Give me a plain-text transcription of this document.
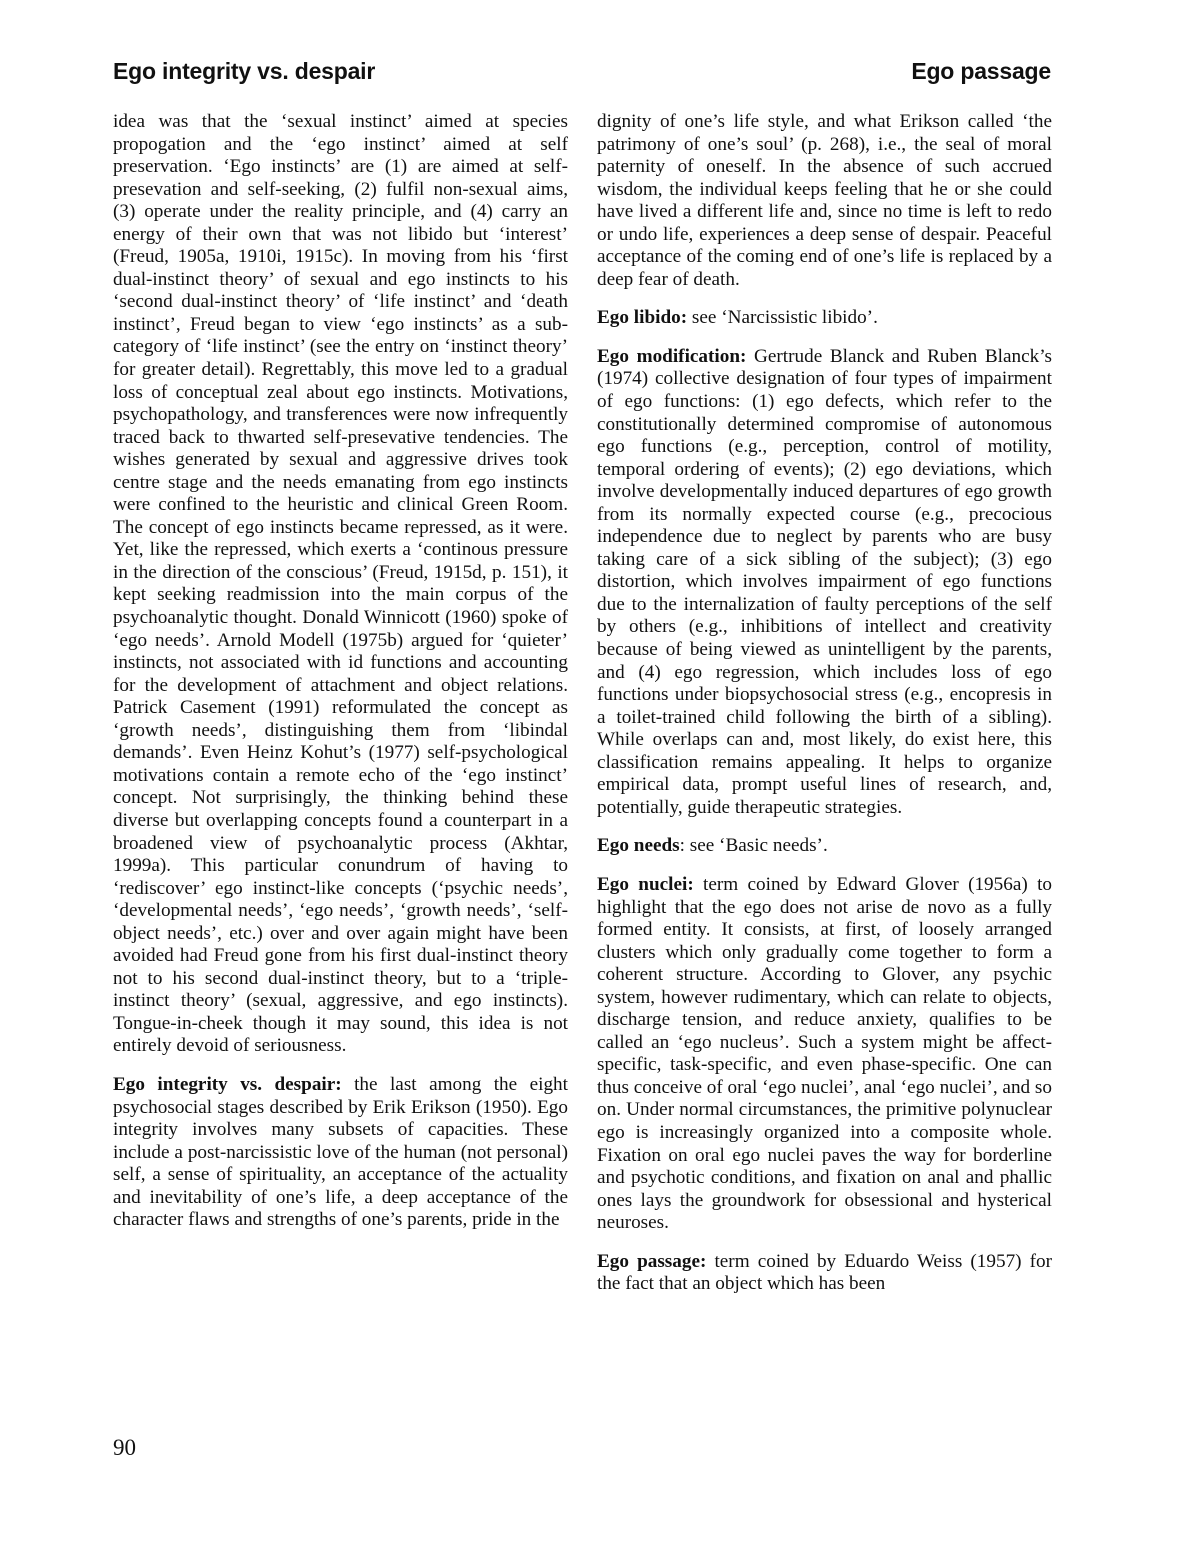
Ego integrity vs. despair	Ego passage

idea was that the ‘sexual instinct’ aimed at species propogation and the ‘ego instinct’ aimed at self preservation. ‘Ego instincts’ are (1) are aimed at self-presevation and self-seeking, (2) fulfil non-sexual aims, (3) operate under the reality principle, and (4) carry an energy of their own that was not libido but ‘interest’ (Freud, 1905a, 1910i, 1915c). In moving from his ‘first dual-instinct theory’ of sexual and ego instincts to his ‘second dual-instinct theory’ of ‘life instinct’ and ‘death instinct’, Freud began to view ‘ego instincts’ as a sub-category of ‘life instinct’ (see the entry on ‘instinct theory’ for greater detail). Regrettably, this move led to a gradual loss of conceptual zeal about ego instincts. Motivations, psychopathology, and transferences were now infrequently traced back to thwarted self-presevative tendencies. The wishes generated by sexual and aggressive drives took centre stage and the needs emanating from ego instincts were confined to the heuristic and clinical Green Room. The concept of ego instincts became repressed, as it were. Yet, like the repressed, which exerts a ‘continous pressure in the direction of the conscious’ (Freud, 1915d, p. 151), it kept seeking readmission into the main corpus of the psychoanalytic thought. Donald Winnicott (1960) spoke of ‘ego needs’. Arnold Modell (1975b) argued for ‘quieter’ instincts, not associated with id functions and accounting for the development of attachment and object relations. Patrick Casement (1991) reformulated the concept as ‘growth needs’, distinguishing them from ‘libindal demands’. Even Heinz Kohut’s (1977) self-psychological motivations contain a remote echo of the ‘ego instinct’ concept. Not surprisingly, the thinking behind these diverse but overlapping concepts found a counterpart in a broadened view of psychoanalytic process (Akhtar, 1999a). This particular conundrum of having to ‘rediscover’ ego instinct-like concepts (‘psychic needs’, ‘developmental needs’, ‘ego needs’, ‘growth needs’, ‘self-object needs’, etc.) over and over again might have been avoided had Freud gone from his first dual-instinct theory not to his second dual-instinct theory, but to a ‘triple-instinct theory’ (sexual, aggressive, and ego instincts). Tongue-in-cheek though it may sound, this idea is not entirely devoid of seriousness.

Ego integrity vs. despair: the last among the eight psychosocial stages described by Erik Erikson (1950). Ego integrity involves many subsets of capacities. These include a post-narcissistic love of the human (not personal) self, a sense of spirituality, an acceptance of the actuality and inevitability of one’s life, a deep acceptance of the character flaws and strengths of one’s parents, pride in the

dignity of one’s life style, and what Erikson called ‘the patrimony of one’s soul’ (p. 268), i.e., the seal of moral paternity of oneself. In the absence of such accrued wisdom, the individual keeps feeling that he or she could have lived a different life and, since no time is left to redo or undo life, experiences a deep sense of despair. Peaceful acceptance of the coming end of one’s life is replaced by a deep fear of death.

Ego libido: see ‘Narcissistic libido’.

Ego modification: Gertrude Blanck and Ruben Blanck’s (1974) collective designation of four types of impairment of ego functions: (1) ego defects, which refer to the constitutionally determined compromise of autonomous ego functions (e.g., perception, control of motility, temporal ordering of events); (2) ego deviations, which involve developmentally induced departures of ego growth from its normally expected course (e.g., precocious independence due to neglect by parents who are busy taking care of a sick sibling of the subject); (3) ego distortion, which involves impairment of ego functions due to the internalization of faulty perceptions of the self by others (e.g., inhibitions of intellect and creativity because of being viewed as unintelligent by the parents, and (4) ego regression, which includes loss of ego functions under biopsychosocial stress (e.g., encopresis in a toilet-trained child following the birth of a sibling). While overlaps can and, most likely, do exist here, this classification remains appealing. It helps to organize empirical data, prompt useful lines of research, and, potentially, guide therapeutic strategies.

Ego needs: see ‘Basic needs’.

Ego nuclei: term coined by Edward Glover (1956a) to highlight that the ego does not arise de novo as a fully formed entity. It consists, at first, of loosely arranged clusters which only gradually come together to form a coherent structure. According to Glover, any psychic system, however rudimentary, which can relate to objects, discharge tension, and reduce anxiety, qualifies to be called an ‘ego nucleus’. Such a system might be affect-specific, task-specific, and even phase-specific. One can thus conceive of oral ‘ego nuclei’, anal ‘ego nuclei’, and so on. Under normal circumstances, the primitive polynuclear ego is increasingly organized into a composite whole. Fixation on oral ego nuclei paves the way for borderline and psychotic conditions, and fixation on anal and phallic ones lays the groundwork for obsessional and hysterical neuroses.

Ego passage: term coined by Eduardo Weiss (1957) for the fact that an object which has been

90
